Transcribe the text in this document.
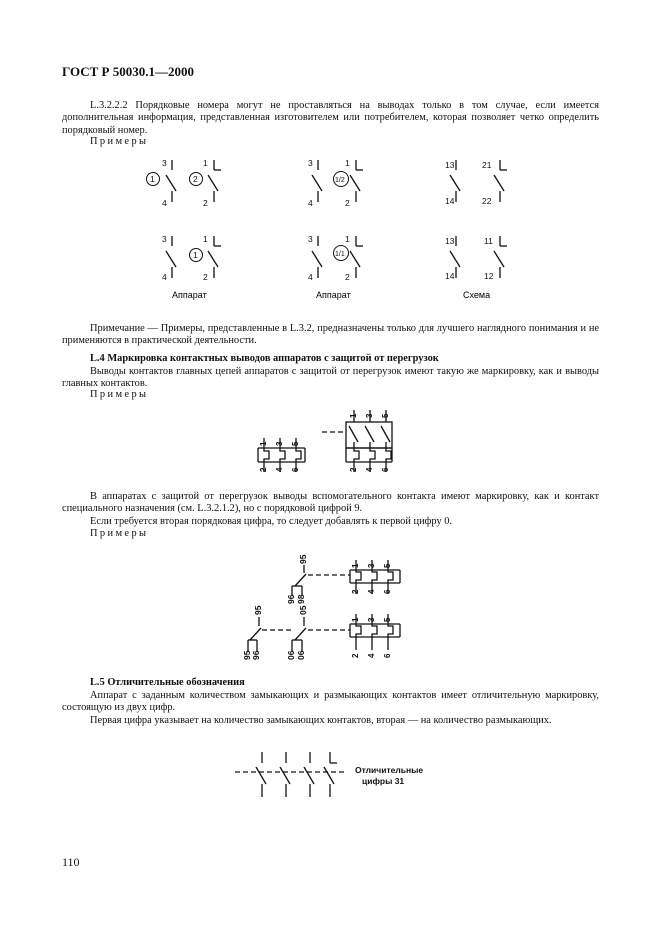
ГОСТ Р 50030.1—2000
L.3.2.2.2 Порядковые номера могут не проставляться на выводах только в том случае, если имеется дополнительная информация, представленная изготовителем или потребителем, которая позволяет четко определить порядковый номер.
Примеры
1
3
4
2
1
2
3
4
1/2
1
2
13
14
21
22
3
4
1
1
2
3
4
1/1
1
2
13
14
11
12
Аппарат	Аппарат	Схема
Примечание — Примеры, представленные в L.3.2, предназначены только для лучшего наглядного понимания и не применяются в практической деятельности.
L.4 Маркировка контактных выводов аппаратов с защитой от перегрузок
Выводы контактов главных цепей аппаратов с защитой от перегрузок имеют такую же маркировку, как и выводы главных контактов.
Примеры
1 3 5
2 4 6
1 3 5
2 4 6
В аппаратах с защитой от перегрузок выводы вспомогательного контакта имеют маркировку, как и контакт специального назначения (см. L.3.2.1.2), но с порядковой цифрой 9.
Если требуется вторая порядковая цифра, то следует добавлять к первой цифру 0.
Примеры
95
96 98
1 3 5
2 4 6
95
95 96
05
06 06
1 3 5
2 4 6
L.5 Отличительные обозначения
Аппарат с заданным количеством замыкающих и размыкающих контактов имеет отличительную маркировку, состоящую из двух цифр.
Первая цифра указывает на количество замыкающих контактов, вторая — на количество размыкающих.
Отличительные
цифры 31
110
